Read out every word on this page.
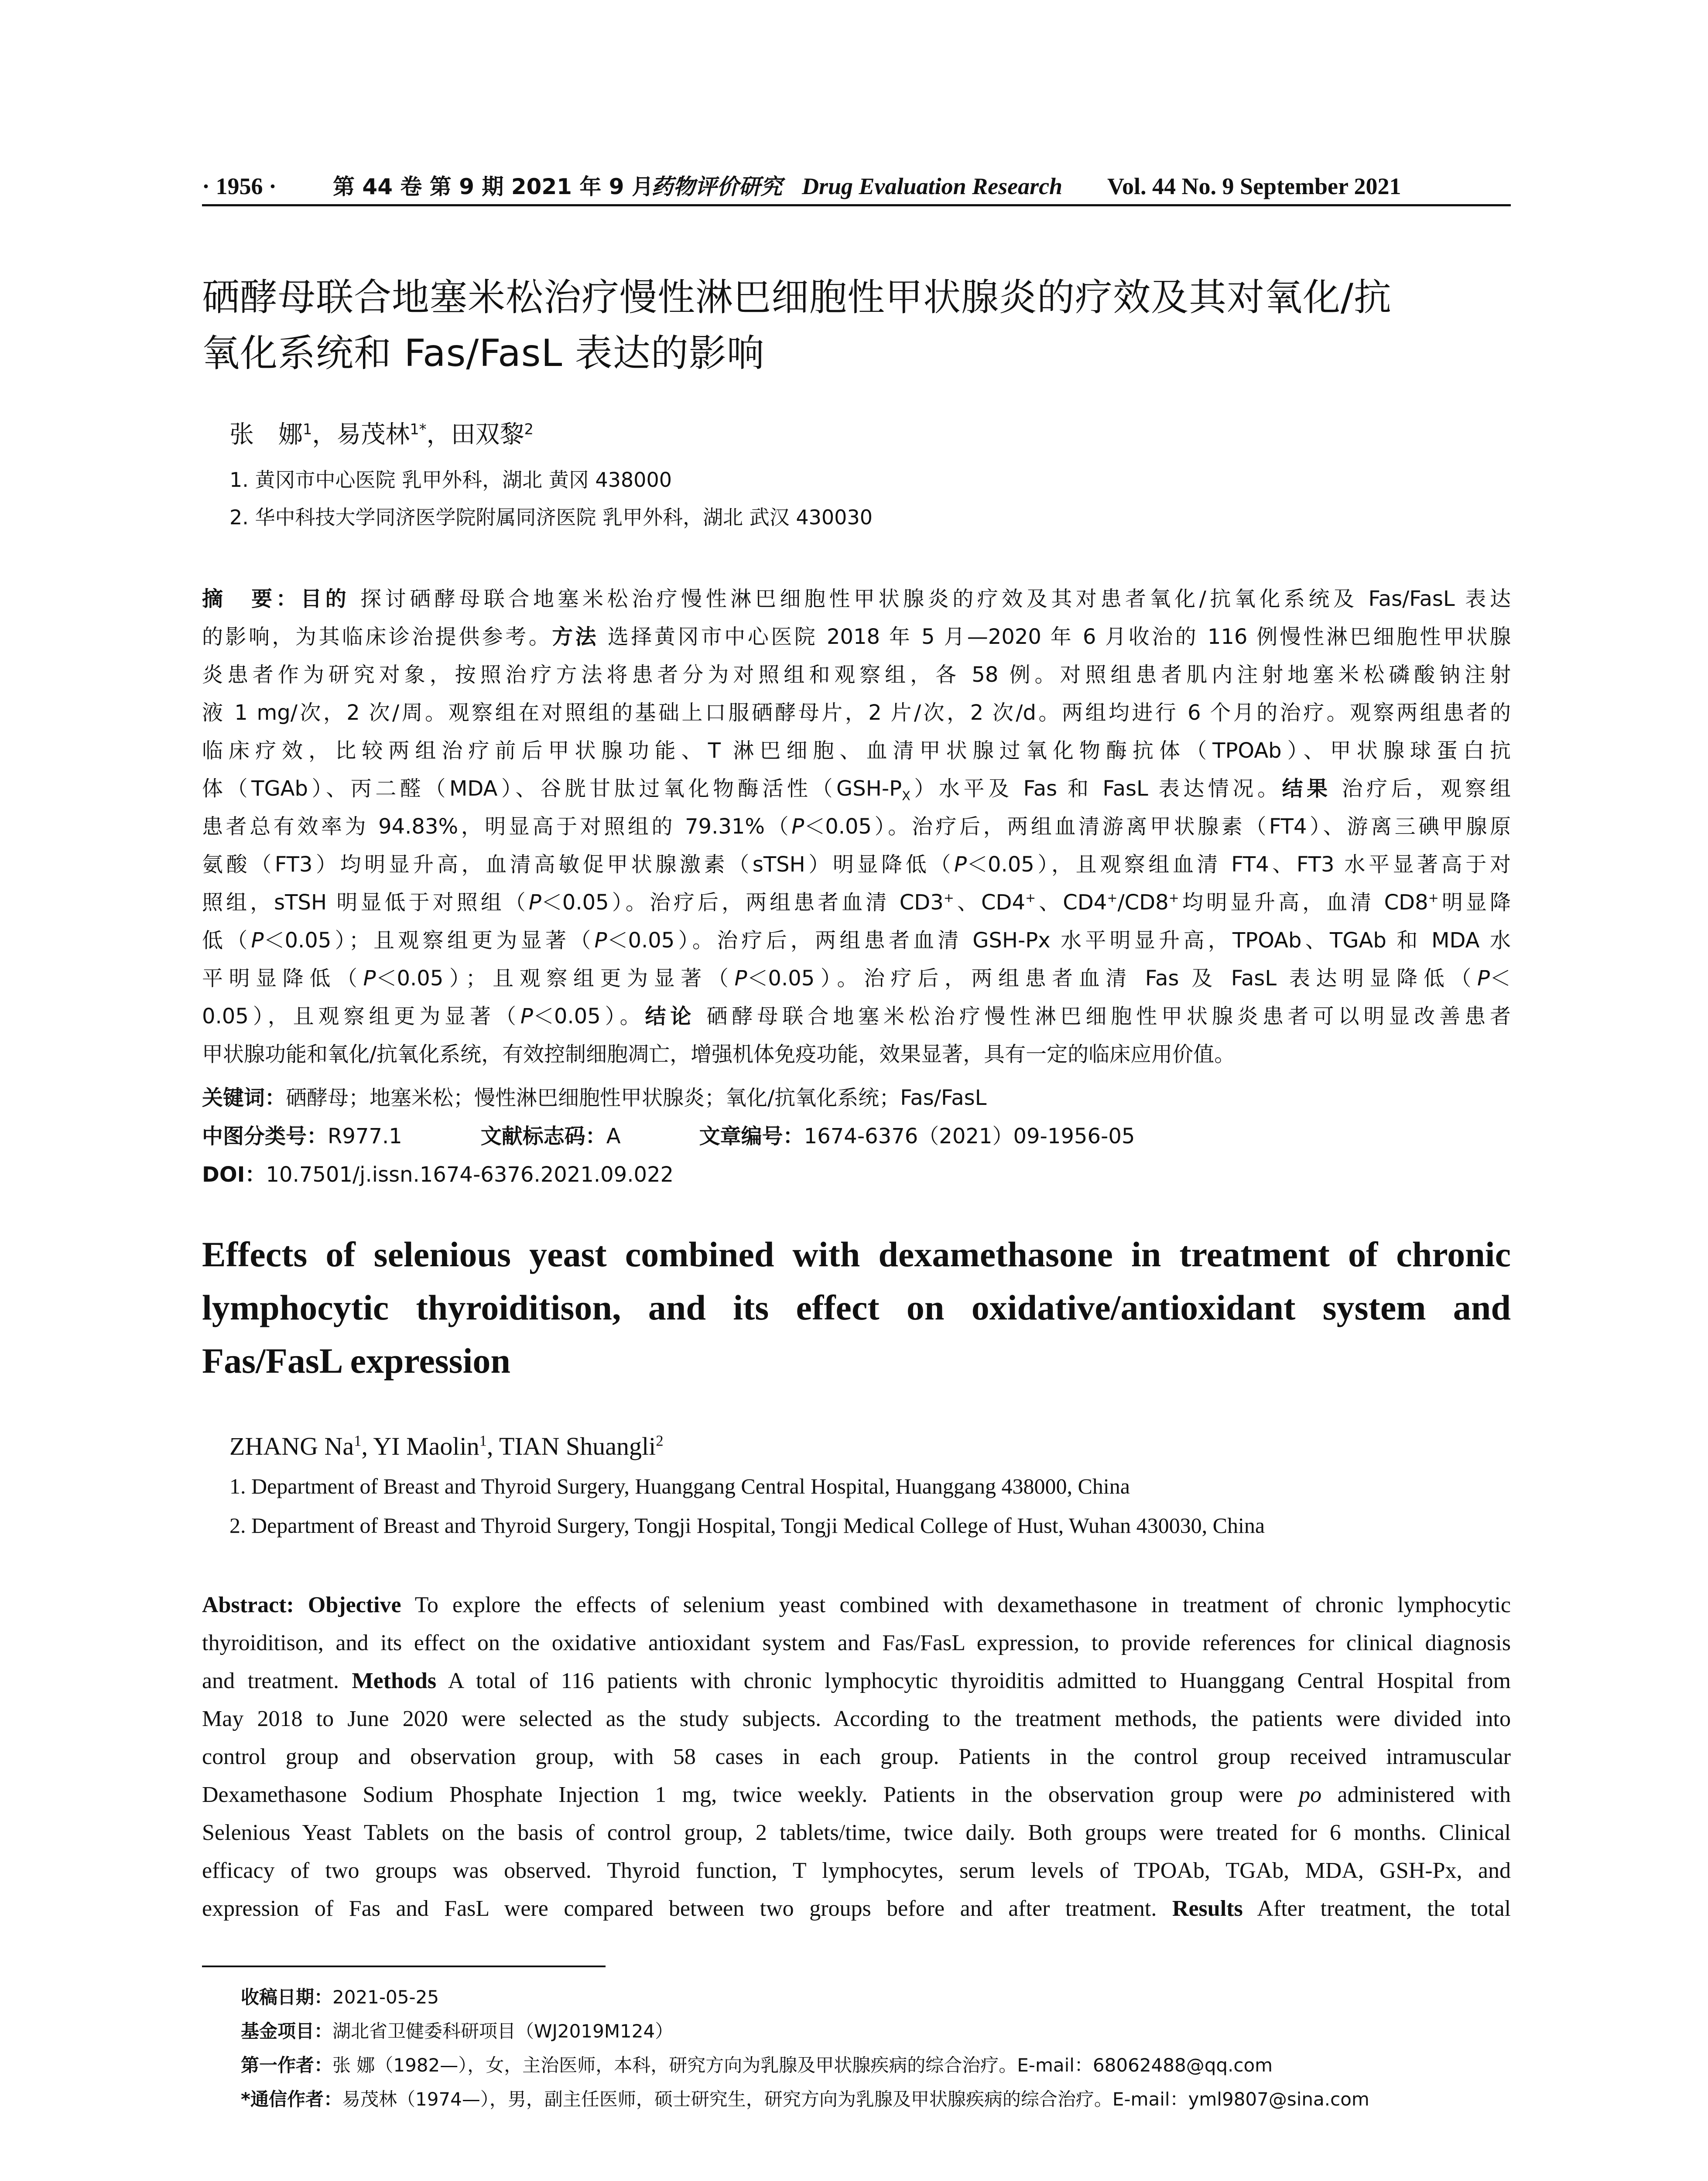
· 1956 ·	第 44 卷 第 9 期 2021 年 9 月
药物评价研究 Drug Evaluation Research	Vol. 44 No. 9 September 2021
硒酵母联合地塞米松治疗慢性淋巴细胞性甲状腺炎的疗效及其对氧化/抗
氧化系统和 Fas/FasL 表达的影响
张　娜$^1$，易茂林$^{1*}$，田双黎$^2$
1. 黄冈市中心医院 乳甲外科，湖北 黄冈 438000
2. 华中科技大学同济医学院附属同济医院 乳甲外科，湖北 武汉 430030
摘　要：目的 探讨硒酵母联合地塞米松治疗慢性淋巴细胞性甲状腺炎的疗效及其对患者氧化/抗氧化系统及 Fas/FasL 表达
的影响，为其临床诊治提供参考。方法 选择黄冈市中心医院 2018 年 5 月—2020 年 6 月收治的 116 例慢性淋巴细胞性甲状腺
炎患者作为研究对象，按照治疗方法将患者分为对照组和观察组，各 58 例。对照组患者肌内注射地塞米松磷酸钠注射
液 1 mg/次，2 次/周。观察组在对照组的基础上口服硒酵母片，2 片/次，2 次/d。两组均进行 6 个月的治疗。观察两组患者的
临床疗效，比较两组治疗前后甲状腺功能、T 淋巴细胞、血清甲状腺过氧化物酶抗体（TPOAb）、甲状腺球蛋白抗
体（TGAb）、丙二醛（MDA）、谷胱甘肽过氧化物酶活性$(GSH-P_X)$水平及 Fas 和 FasL 表达情况。结果 治疗后，观察组
患者总有效率为 94.83%，明显高于对照组的 79.31%（P＜0.05）。治疗后，两组血清游离甲状腺素（FT4）、游离三碘甲腺原
氨酸（FT3）均明显升高，血清高敏促甲状腺激素（sTSH）明显降低（P＜0.05），且观察组血清 FT4、FT3 水平显著高于对
照组，sTSH 明显低于对照组（P＜0.05）。治疗后，两组患者血清 CD3+、CD4+、CD4+/CD8+均明显升高，血清 CD8+明显降
低（P＜0.05）；且观察组更为显著（P＜0.05）。治疗后，两组患者血清 GSH-Px 水平明显升高，TPOAb、TGAb 和 MDA 水
平明显降低（P＜0.05）；且观察组更为显著（P＜0.05）。治疗后，两组患者血清 Fas 及 FasL 表达明显降低（P＜
0.05），且观察组更为显著（P＜0.05）。结论 硒酵母联合地塞米松治疗慢性淋巴细胞性甲状腺炎患者可以明显改善患者
甲状腺功能和氧化/抗氧化系统，有效控制细胞凋亡，增强机体免疫功能，效果显著，具有一定的临床应用价值。
关键词：硒酵母；地塞米松；慢性淋巴细胞性甲状腺炎；氧化/抗氧化系统；Fas/FasL
中图分类号：R977.1	文献标志码：A	文章编号：1674-6376（2021）09-1956-05
DOI：10.7501/j.issn.1674-6376.2021.09.022
Effects of selenious yeast combined with dexamethasone in treatment of chronic
lymphocytic thyroiditison, and its effect on oxidative/antioxidant system and
Fas/FasL expression
ZHANG Na$^1$, YI Maolin$^1$, TIAN Shuangli$^2$
1. Department of Breast and Thyroid Surgery, Huanggang Central Hospital, Huanggang 438000, China
2. Department of Breast and Thyroid Surgery, Tongji Hospital, Tongji Medical College of Hust, Wuhan 430030, China
Abstract: Objective To explore the effects of selenium yeast combined with dexamethasone in treatment of chronic lymphocytic
thyroiditison, and its effect on the oxidative antioxidant system and Fas/FasL expression, to provide references for clinical diagnosis
and treatment. Methods A total of 116 patients with chronic lymphocytic thyroiditis admitted to Huanggang Central Hospital from
May 2018 to June 2020 were selected as the study subjects. According to the treatment methods, the patients were divided into
control group and observation group, with 58 cases in each group. Patients in the control group received intramuscular
Dexamethasone Sodium Phosphate Injection 1 mg, twice weekly. Patients in the observation group were po administered with
Selenious Yeast Tablets on the basis of control group, 2 tablets/time, twice daily. Both groups were treated for 6 months. Clinical
efficacy of two groups was observed. Thyroid function, T lymphocytes, serum levels of TPOAb, TGAb, MDA, GSH-Px, and
expression of Fas and FasL were compared between two groups before and after treatment. Results After treatment, the total
收稿日期：2021-05-25
基金项目：湖北省卫健委科研项目（WJ2019M124）
第一作者：张 娜（1982—），女，主治医师，本科，研究方向为乳腺及甲状腺疾病的综合治疗。E-mail：68062488@qq.com
*通信作者：易茂林（1974—），男，副主任医师，硕士研究生，研究方向为乳腺及甲状腺疾病的综合治疗。E-mail：yml9807@sina.com
